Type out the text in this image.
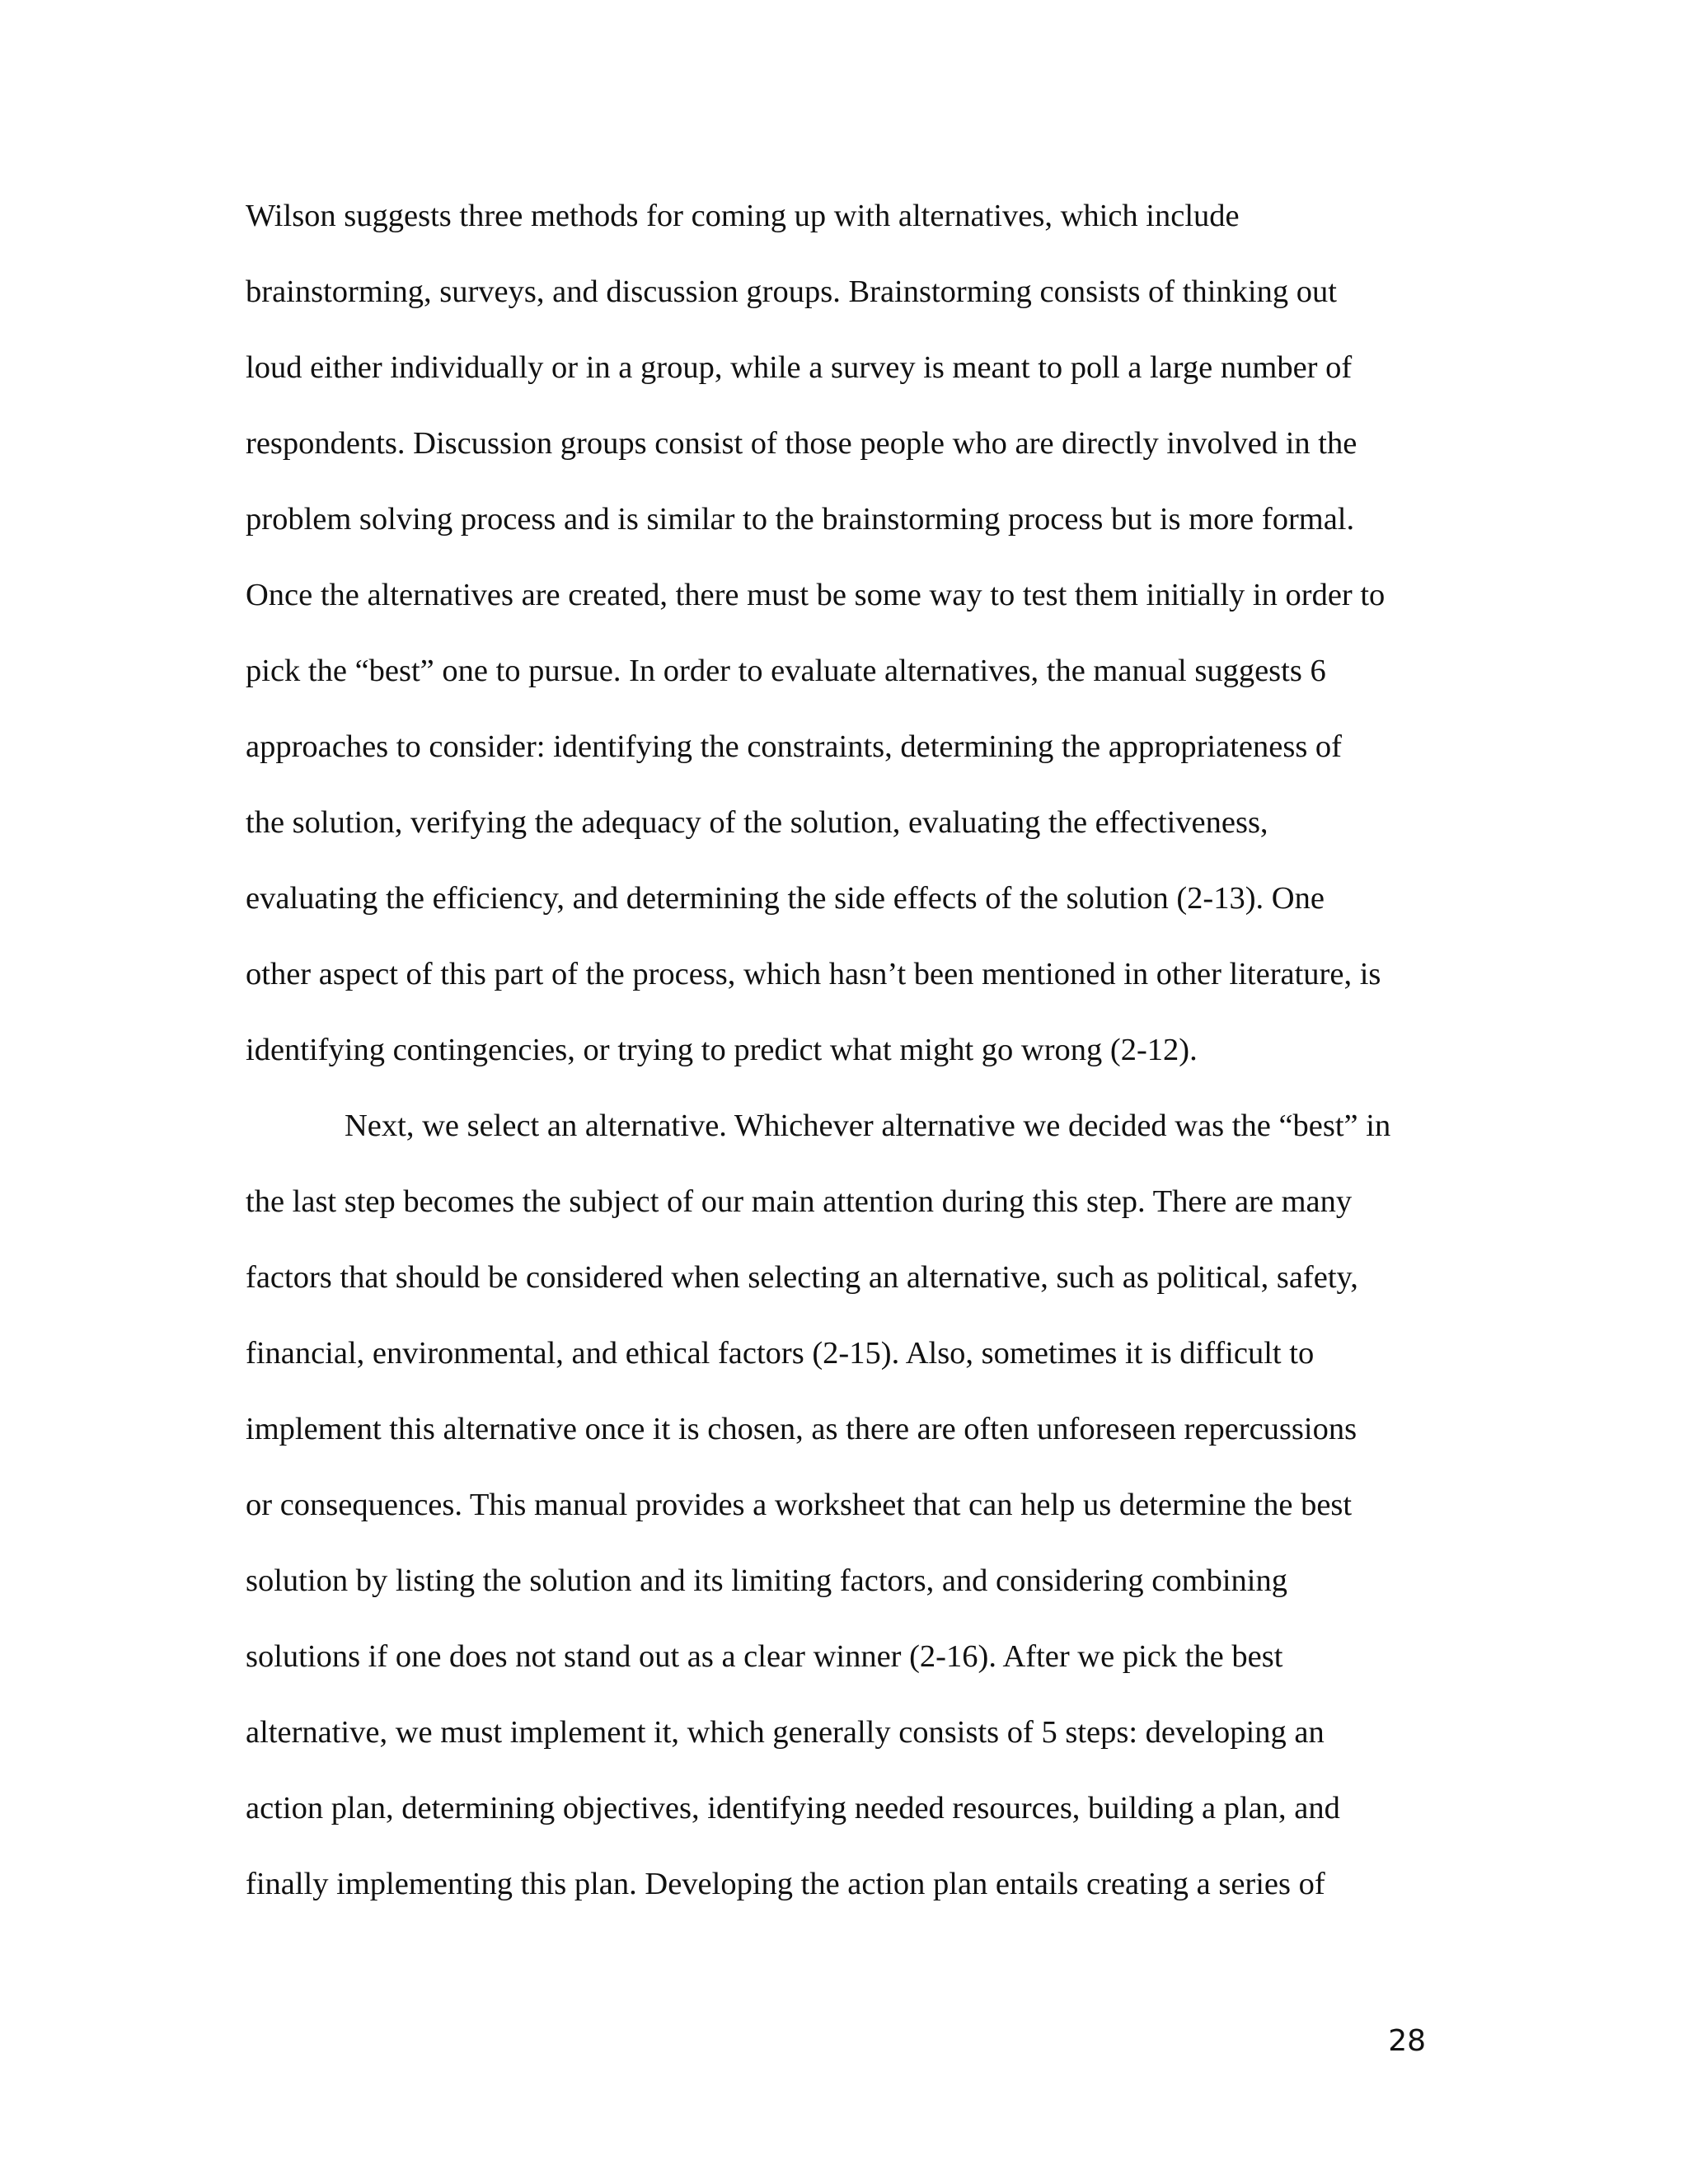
Wilson suggests three methods for coming up with alternatives, which include
brainstorming, surveys, and discussion groups. Brainstorming consists of thinking out
loud either individually or in a group, while a survey is meant to poll a large number of
respondents. Discussion groups consist of those people who are directly involved in the
problem solving process and is similar to the brainstorming process but is more formal.
Once the alternatives are created, there must be some way to test them initially in order to
pick the “best” one to pursue. In order to evaluate alternatives, the manual suggests 6
approaches to consider: identifying the constraints, determining the appropriateness of
the solution, verifying the adequacy of the solution, evaluating the effectiveness,
evaluating the efficiency, and determining the side effects of the solution (2-13). One
other aspect of this part of the process, which hasn’t been mentioned in other literature, is
identifying contingencies, or trying to predict what might go wrong (2-12).
Next, we select an alternative. Whichever alternative we decided was the “best” in
the last step becomes the subject of our main attention during this step. There are many
factors that should be considered when selecting an alternative, such as political, safety,
financial, environmental, and ethical factors (2-15). Also, sometimes it is difficult to
implement this alternative once it is chosen, as there are often unforeseen repercussions
or consequences. This manual provides a worksheet that can help us determine the best
solution by listing the solution and its limiting factors, and considering combining
solutions if one does not stand out as a clear winner (2-16). After we pick the best
alternative, we must implement it, which generally consists of 5 steps: developing an
action plan, determining objectives, identifying needed resources, building a plan, and
finally implementing this plan. Developing the action plan entails creating a series of
28
